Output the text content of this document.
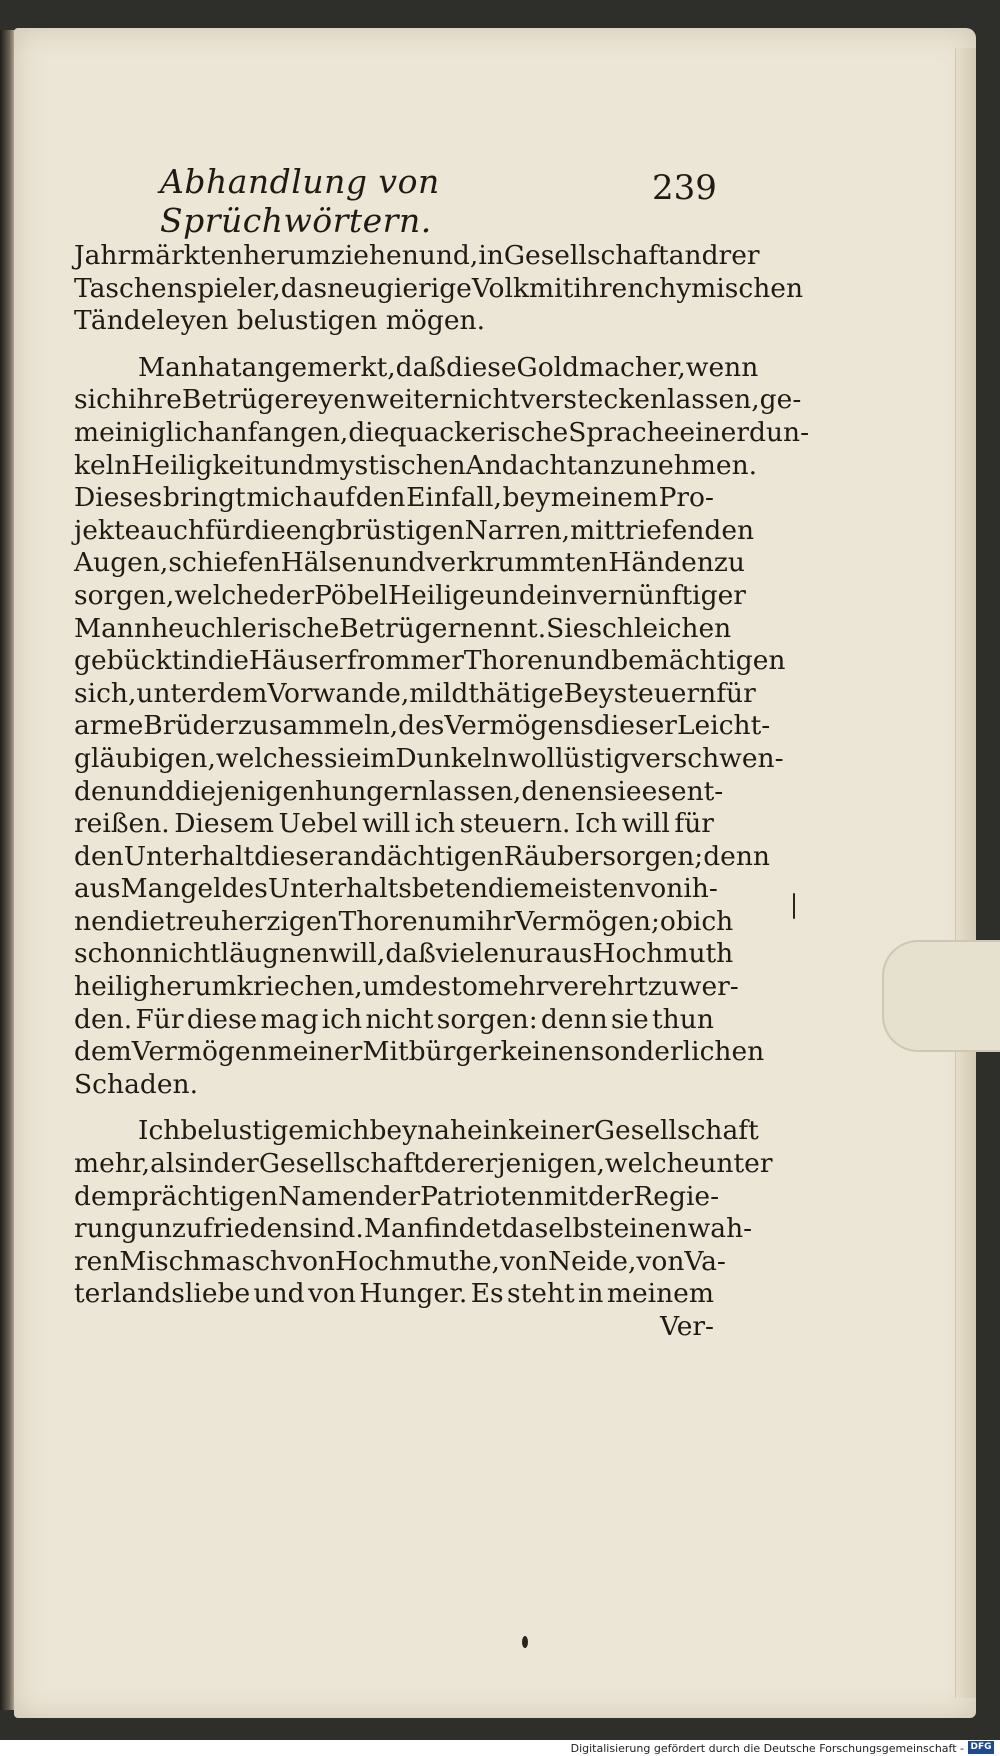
Abhandlung von Sprüchwörtern.
239
Jahrmärkten herum ziehen und, in Gesellschaft andrer
Taschenspieler, das neugierige Volk mit ihren chymischen
Tändeleyen belustigen mögen.
Man hat angemerkt, daß diese Goldmacher, wenn
sich ihre Betrügereyen weiter nicht verstecken lassen, ge-
meiniglich anfangen, die quackerische Sprache einer dun-
keln Heiligkeit und mystischen Andacht anzunehmen.
Dieses bringt mich auf den Einfall, bey meinem Pro-
jekte auch für die engbrüstigen Narren, mit triefenden
Augen, schiefen Hälsen und verkrummten Händen zu
sorgen, welche der Pöbel Heilige und ein vernünftiger
Mann heuchlerische Betrüger nennt. Sie schleichen
gebückt in die Häuser frommer Thoren und bemächtigen
sich, unter dem Vorwande, mildthätige Beysteuern für
arme Brüder zu sammeln, des Vermögens dieser Leicht-
gläubigen, welches sie im Dunkeln wollüstig verschwen-
den und diejenigen hungern lassen, denen sie es ent-
reißen. Diesem Uebel will ich steuern. Ich will für
den Unterhalt dieser andächtigen Räuber sorgen; denn
aus Mangel des Unterhalts beten die meisten von ih-
nen die treuherzigen Thoren um ihr Vermögen; ob ich
schon nicht läugnen will, daß viele nur aus Hochmuth
heilig herum kriechen, um desto mehr verehrt zu wer-
den. Für diese mag ich nicht sorgen: denn sie thun
dem Vermögen meiner Mitbürger keinen sonderlichen
Schaden.
Ich belustige mich beynahe in keiner Gesellschaft
mehr, als in der Gesellschaft dererjenigen, welche unter
dem prächtigen Namen der Patrioten mit der Regie-
rung unzufrieden sind. Man findet daselbst einen wah-
ren Mischmasch von Hochmuthe, von Neide, von Va-
terlandsliebe und von Hunger. Es steht in meinem
Ver-
Digitalisierung gefördert durch die Deutsche Forschungsgemeinschaft - DFG
